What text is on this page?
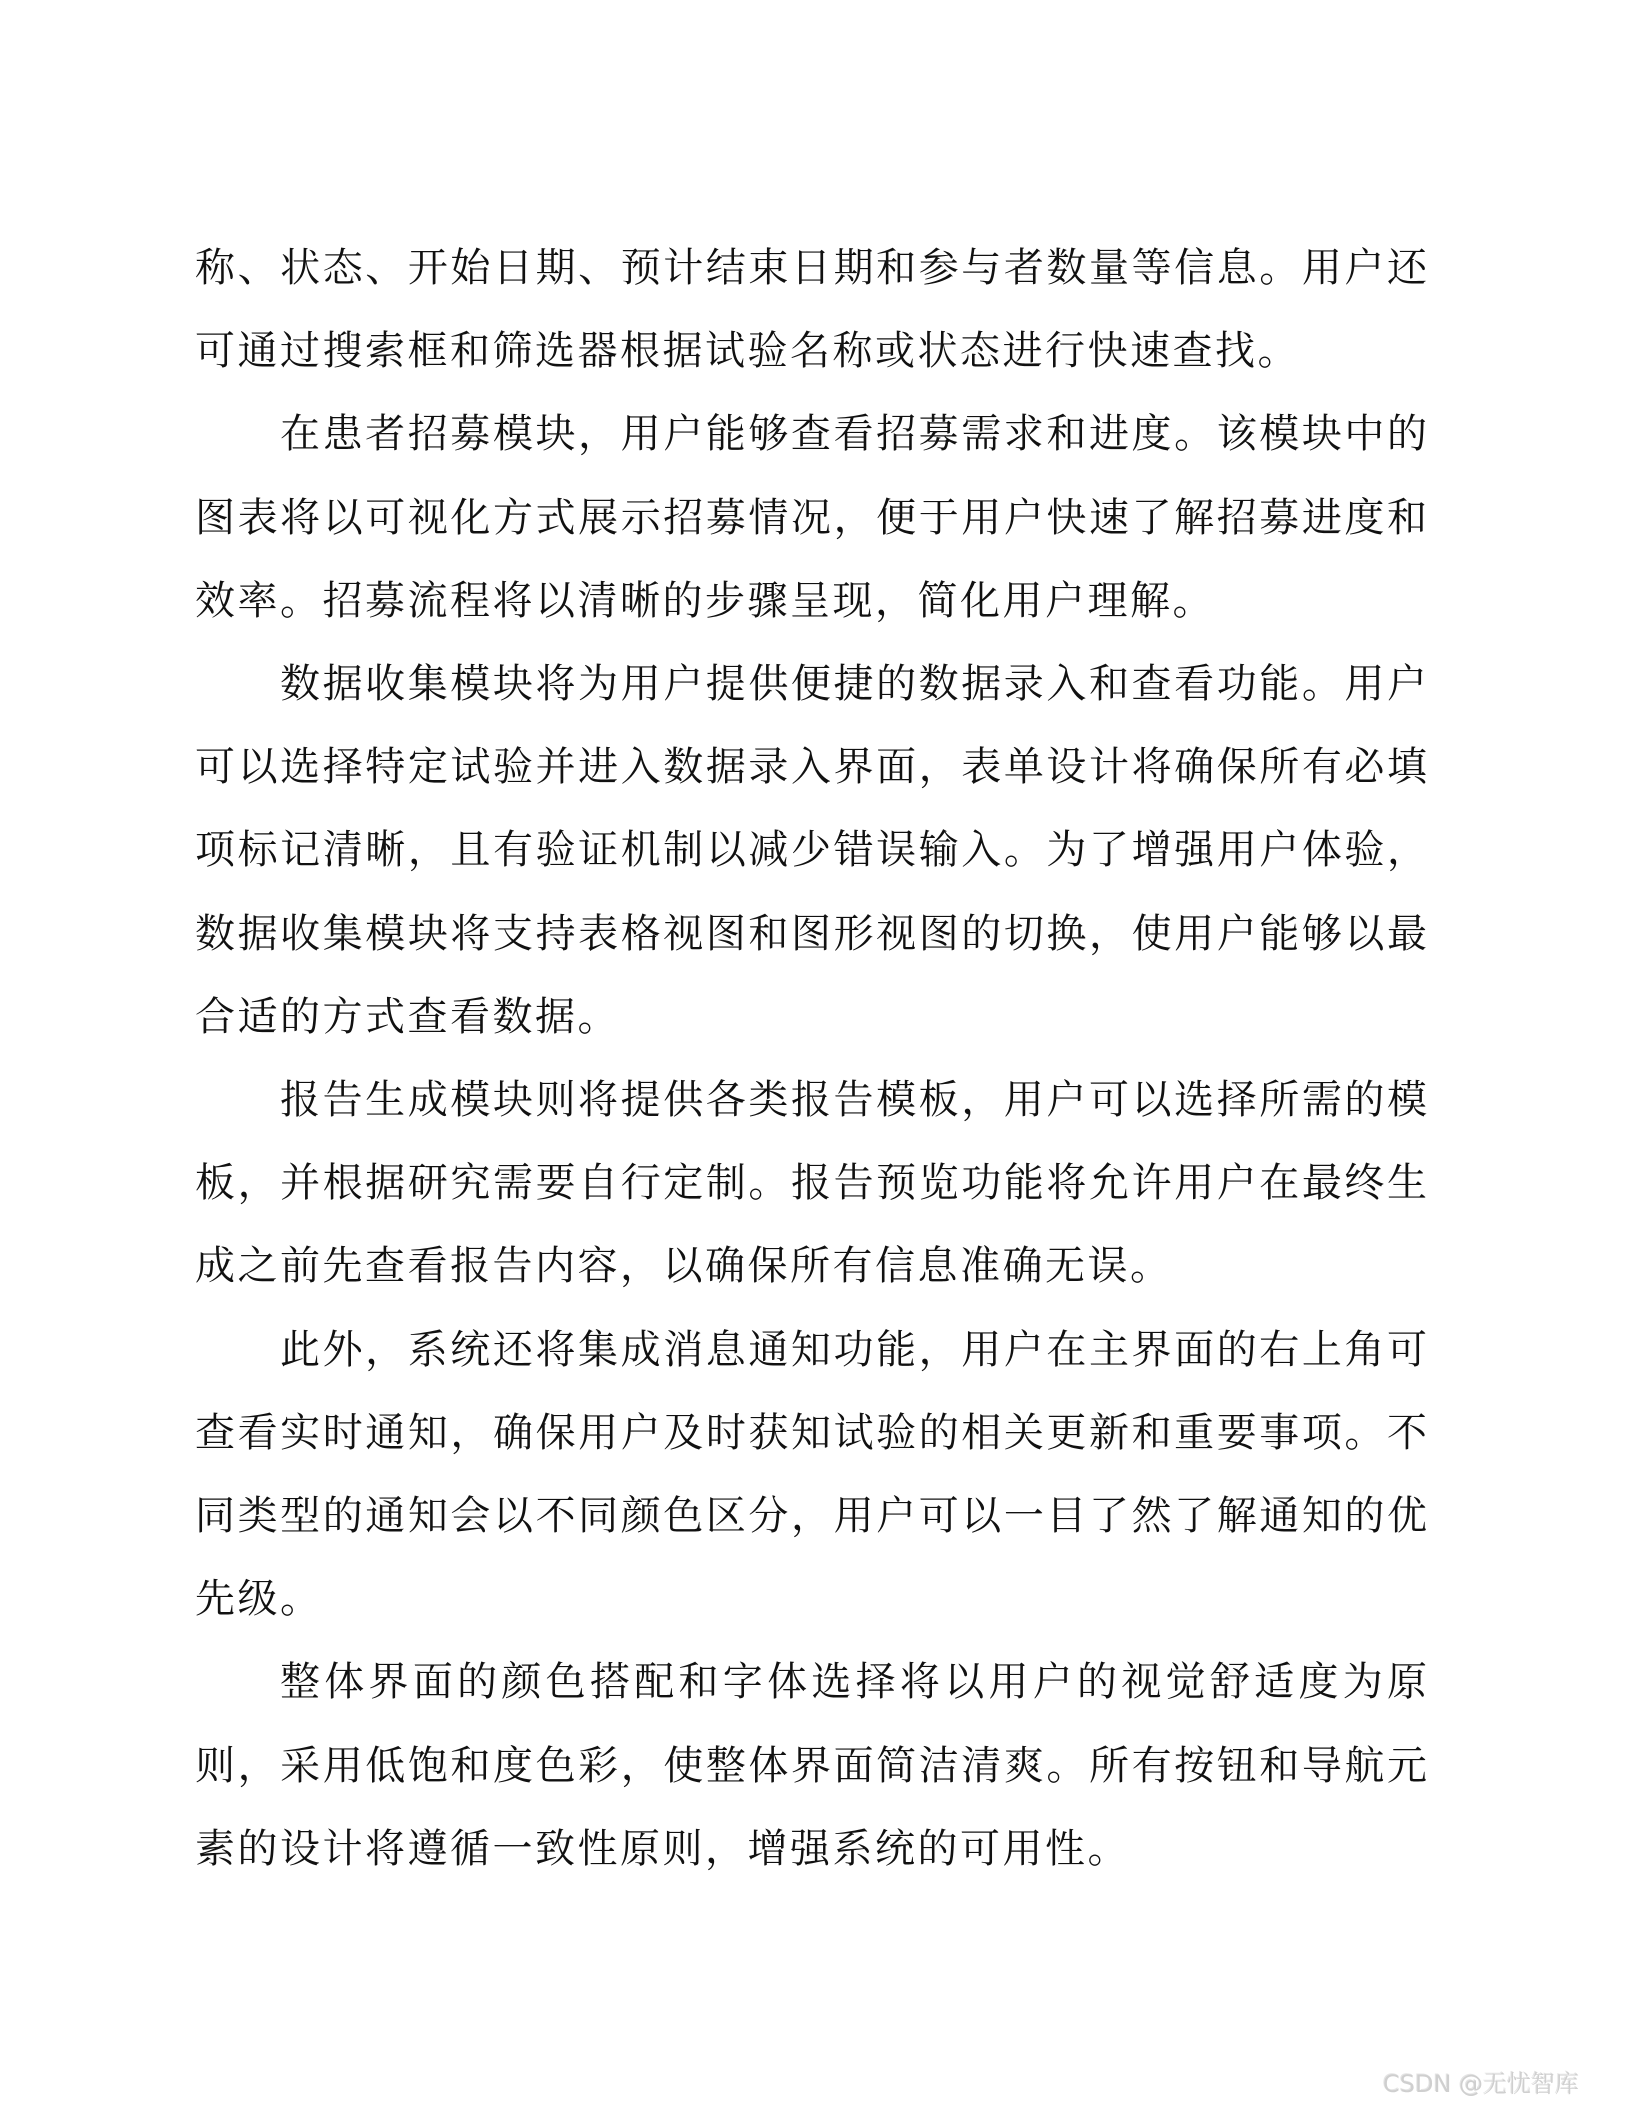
称、状态、开始日期、预计结束日期和参与者数量等信息。用户还
可通过搜索框和筛选器根据试验名称或状态进行快速查找。
在患者招募模块，用户能够查看招募需求和进度。该模块中的
图表将以可视化方式展示招募情况，便于用户快速了解招募进度和
效率。招募流程将以清晰的步骤呈现，简化用户理解。
数据收集模块将为用户提供便捷的数据录入和查看功能。用户
可以选择特定试验并进入数据录入界面，表单设计将确保所有必填
项标记清晰，且有验证机制以减少错误输入。为了增强用户体验，
数据收集模块将支持表格视图和图形视图的切换，使用户能够以最
合适的方式查看数据。
报告生成模块则将提供各类报告模板，用户可以选择所需的模
板，并根据研究需要自行定制。报告预览功能将允许用户在最终生
成之前先查看报告内容，以确保所有信息准确无误。
此外，系统还将集成消息通知功能，用户在主界面的右上角可
查看实时通知，确保用户及时获知试验的相关更新和重要事项。不
同类型的通知会以不同颜色区分，用户可以一目了然了解通知的优
先级。
整体界面的颜色搭配和字体选择将以用户的视觉舒适度为原
则，采用低饱和度色彩，使整体界面简洁清爽。所有按钮和导航元
素的设计将遵循一致性原则，增强系统的可用性。
CSDN @无忧智库
